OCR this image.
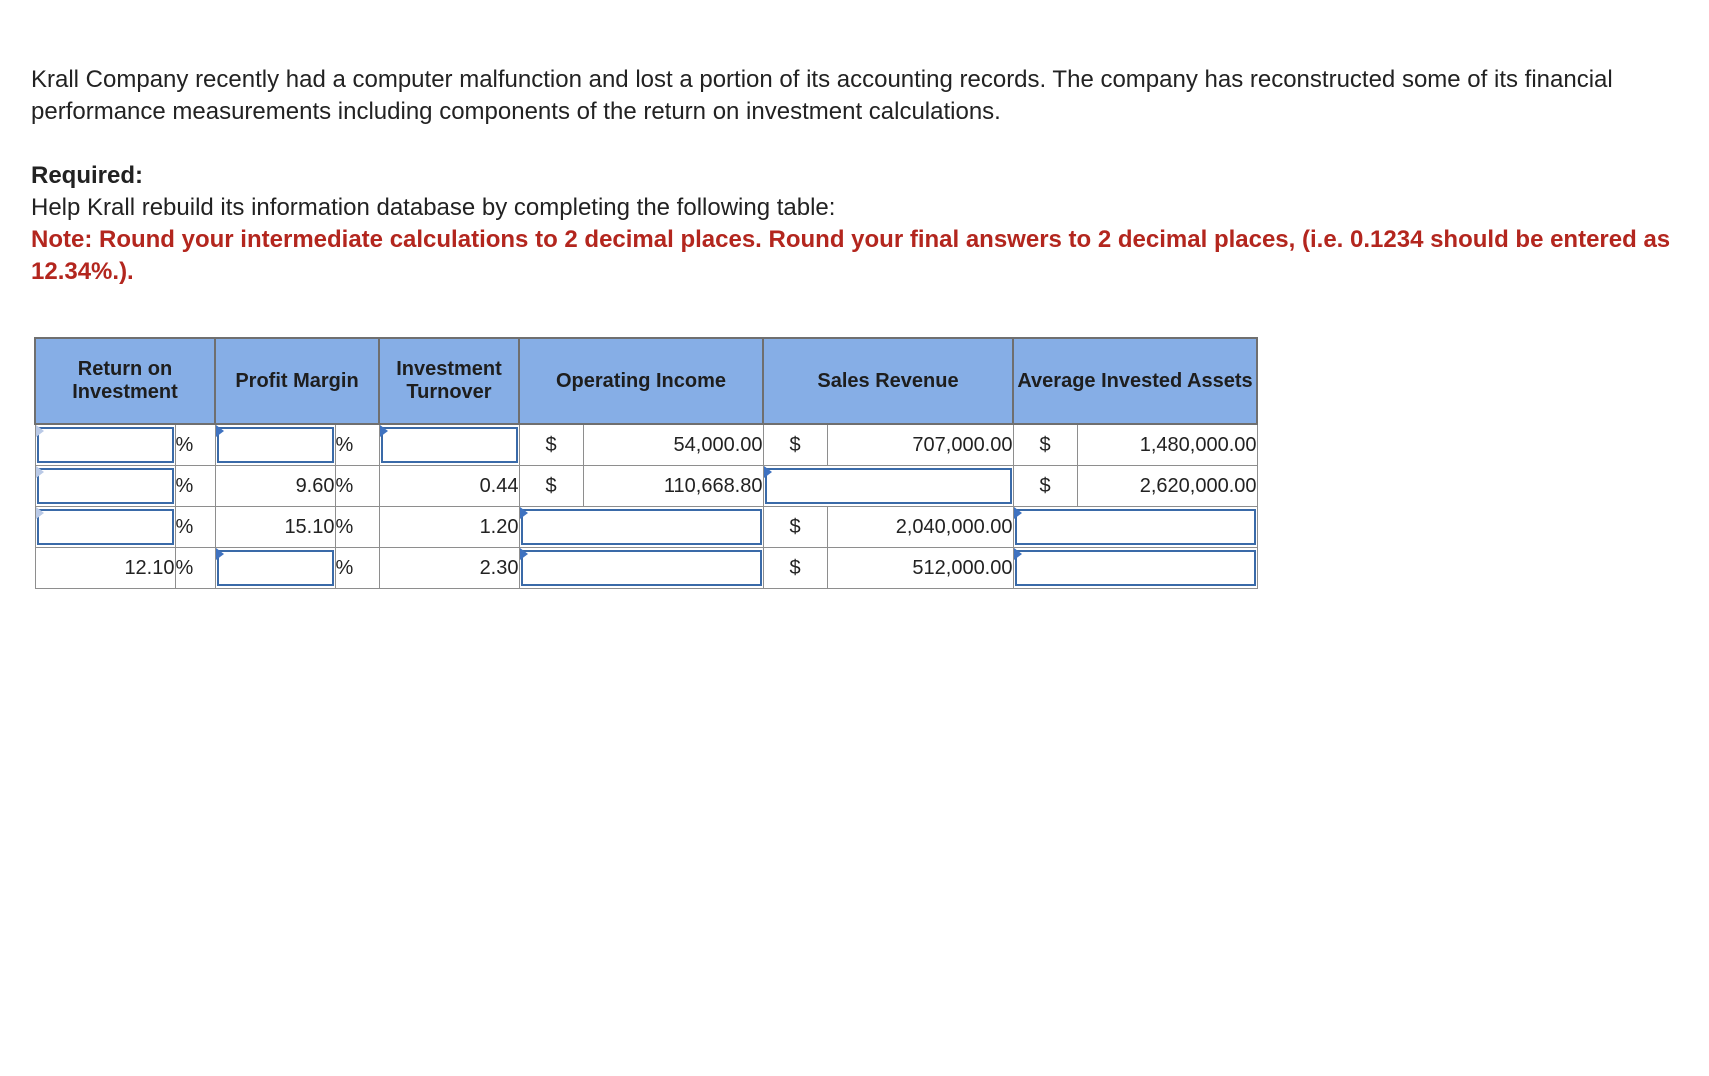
Krall Company recently had a computer malfunction and lost a portion of its accounting records. The company has reconstructed some of its financial performance measurements including components of the return on investment calculations.

Required:

Help Krall rebuild its information database by completing the following table:

Note: Round your intermediate calculations to 2 decimal places. Round your final answers to 2 decimal places, (i.e. 0.1234 should be entered as 12.34%.).

Return on Investment		Profit Margin		Investment Turnover	Operating Income		Sales Revenue		Average Invested Assets	

	%		%		$	54,000.00	$	707,000.00	$	1,480,000.00

	%	9.60	%	0.44	$	110,668.80			$	2,620,000.00

	%	15.10	%	1.20			$	2,040,000.00		

12.10	%		%	2.30			$	512,000.00		
